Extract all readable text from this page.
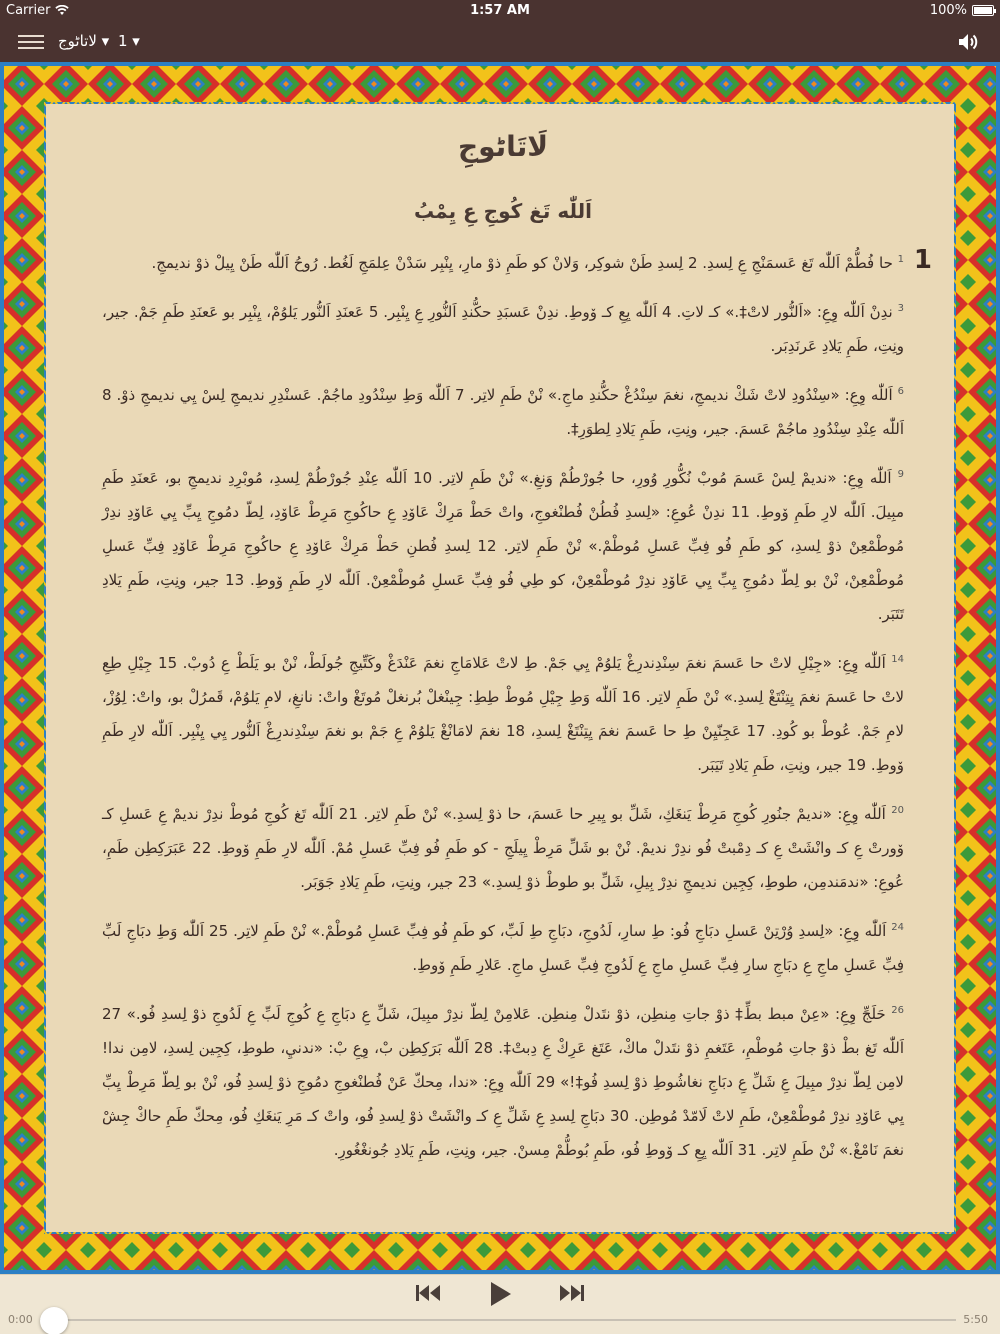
Carrier	1:57 AM	100%
لاتاٹوج ▾ 1 ▾
لَاتَاٹوجِ
اَللّٰه تَغ كُوجِ عِ يِمْبُ
1
$^1$ حا فُطُّمْ اَللّٰه تَغ عَسمَنْجِ عِ لِسدِ. 2 لِسدِ طَنْ شوكِر، وَلانْ كو طَمِ ذوْ مارِ، يِنْبِر سَدْنْ عِلمَجِ لَغُط. رُوحُ اَللّٰه طَنْ يِيلْ ذوْ نديمجِ.
$^3$ ندِنْ اَللّٰه وِعِ: «اَلنُّور لاتْ‡.» كـ لاتِ. 4 اَللّٰه يِعِ كـ ۆوطِ. ندِنْ عَسبَدِ حكُّندِ اَلنُّورِ عِ يِنْبِر. 5 عَعنَدِ اَلنُّور يَلوُمْ، يِنْبِر بو عَعنَدِ طَمِ جَمْ. جير، ونِتِ، طَمِ يَلادِ عَرنَدِبَر.
$^6$ اَللّٰه وِعِ: «سِنْدُودِ لاتْ شَكْ نديمجِ، نغمَ سِنْدُغْ حكُّندِ ماجِ.» نْنْ طَمِ لاتِر. 7 اَللّٰه وَطِ سِنْدُودِ ماجُمْ. عَسنْدِرِ نديمجِ لِسْ يِي نديمجِ ذوْ. 8 اَللّٰه عِنْدِ سِنْدُودِ ماجُمْ عَسمَ. جير، ونِتِ، طَمِ يَلادِ لِطوَرِ‡.
$^9$ اَللّٰه وِعِ: «نديمْ لِسْ عَسمَ مُوبْ نُكُّورِ وُورِ، حا جُورْطُمْ وَنغِ.» نْنْ طَمِ لاتِر. 10 اَللّٰه عِنْدِ جُورْطُمْ لِسدِ، مُوبْرِدِ نديمجِ بو، عَعنَدِ طَمِ مبِيلَ. اَللّٰه لارِ طَمِ ۆوطِ. 11 ندِنْ عُوعِ: «لِسدِ فُطُنْ فُطنْغوجِ، واتْ حَطْ مَرِكْ عَاۆدِ عِ حاكُوجِ مَرِطْ عَاۆدِ، لِطّ دمُوجِ يِبِّ يِي عَاۆدِ ندِرْ مُوطْمْعِنْ ذوْ لِسدِ، كو طَمِ فُو فِبِّ عَسلِ مُوطْمْ.» نْنْ طَمِ لاتِر. 12 لِسدِ فُطنِ حَطْ مَرِكْ عَاۆدِ عِ حاكُوجِ مَرِطْ عَاۆدِ فِبِّ عَسلِ مُوطْمْعِنْ، نْنْ بو لِطّ دمُوجِ يِبِّ يِي عَاۆدِ ندِرْ مُوطْمْعِنْ، كو طِي فُو فِبِّ عَسلِ مُوطْمْعِنْ. اَللّٰه لارِ طَمِ ۆوطِ. 13 جير، ونِتِ، طَمِ يَلادِ تَتَبَر.
$^{14}$ اَللّٰه وِعِ: «جِيْلِ لاتْ حا عَسمَ نغمَ سِنْدِندرِغْ يَلوُمْ يِي جَمْ. طِ لاتْ عَلامَاجِ نغمَ عَنْدَغْ وكَتِّيجِ جُولَطْ، نْنْ بو يَلَطْ عِ دُوبْ. 15 جِيْلِ طِعِ لاتْ حا عَسمَ نغمَ يِتِنْتَغْ لِسدِ.» نْنْ طَمِ لاتِر. 16 اَللّٰه وَطِ جِيْلِ مُوطْ طِطِ: جِينْغلْ بُرنغلْ مُوتَغْ واتْ: نانغِ، لامِ يَلوُمْ، قَمرُلْ بو، واتْ: لِوُزْ، لامِ جَمْ. عُوطْ بو كُودِ. 17 عَجِنّيِنْ طِ حا عَسمَ نغمَ يِتِنْتَغْ لِسدِ، 18 نغمَ لامَانْغْ يَلوُمْ عِ جَمْ بو نغمَ سِنْدِندرِغْ اَلنُّور يِي يِنْبِر. اَللّٰه لارِ طَمِ ۆوطِ. 19 جير، ونِتِ، طَمِ يَلادِ تَيَبَر.
$^{20}$ اَللّٰه وِعِ: «نديمْ جنُورِ كُوجِ مَرِطْ يَنغَكِ، شَلِّ بو يِيرِ حا عَسمَ، حا ذوْ لِسدِ.» نْنْ طَمِ لاتِر. 21 اَللّٰه تَغ كُوجِ مُوطْ ندِرْ نديمْ عِ عَسلِ كـ ۆورتْ عِ كـ وانْشَتْ عِ كـ دِمْبتْ فُو ندِرْ نديمْ. نْنْ بو شَلِّ مَرِطْ يِيلَجِ - كو طَمِ فُو فِبِّ عَسلِ مُمْ. اَللّٰه لارِ طَمِ ۆوطِ. 22 عَبَرَكِطِن طَمِ، عُوعِ: «ندمَندمِن، طوطِ، كِجِين نديمجِ ندِرْ بِيلِ، شَلِّ بو طوطْ ذوْ لِسدِ.» 23 جير، ونِتِ، طَمِ يَلادِ جَوَبَر.
$^{24}$ اَللّٰه وِعِ: «لِسدِ وُرْتِنْ عَسلِ دبَاجِ فُو: طِ سارِ، لَدُوجِ، دبَاجِ طِ لَبِّ، كو طَمِ فُو فِبِّ عَسلِ مُوطْمْ.» نْنْ طَمِ لاتِر. 25 اَللّٰه وَطِ دبَاجِ لَبِّ فِبِّ عَسلِ ماجِ عِ دبَاجِ سارِ فِبِّ عَسلِ ماجِ عِ لَدُوجِ فِبِّ عَسلِ ماجِ. عَلارِ طَمِ ۆوطِ.
$^{26}$ حَلَجِّ وِعِ: «عِنْ مبط بطِّ‡ ذوْ جاتِ مِنطِن، ذوْ نتَدلْ مِنطِن. عَلامِنْ لِطّ ندِرْ مبِيلَ، شَلِّ عِ دبَاجِ عِ كُوجِ لَبِّ عِ لَدُوجِ ذوْ لِسدِ فُو.» 27 اَللّٰه تَغ بطْ ذوْ جاتِ مُوطْمِ، عَتَغمِ ذوْ نتَدلْ ماكْ، عَتَغ عَرِكْ عِ دِبتْ‡. 28 اَللّٰه بَرَكِطِن بْ، وِعِ بْ: «ندنيِ، طوطِ، كِجِين لِسدِ، لامِن ندا! لامِن لِطّ ندِرْ مبِيلَ عِ شَلِّ عِ دبَاجِ نغاشُوطِ ذوْ لِسدِ فُو‡!» 29 اَللّٰه وِعِ: «ندا، مِحكّ عَنْ فُطنْغوجِ دمُوجِ ذوْ لِسدِ فُو، نْنْ بو لِطّ مَرِطْ يِبِّ يِي عَاۆدِ ندِرْ مُوطْمْعِنْ، طَمِ لاتْ لَامّدْ مُوطِن. 30 دبَاجِ لِسدِ عِ شَلِّ عِ كـ وانْشَتْ ذوْ لِسدِ فُو، واتْ كـ مَرِ يَنغَكِ فُو، مِحكّ طَمِ حاكْ جِشْ نغمَ نَامْغْ.» نْنْ طَمِ لاتِر. 31 اَللّٰه يِعِ كـ ۆوطِ فُو، طَمِ بُوطُّمْ مِسنْ. جير، ونِتِ، طَمِ يَلادِ جُونغْغُورِ.
0:00	5:50
